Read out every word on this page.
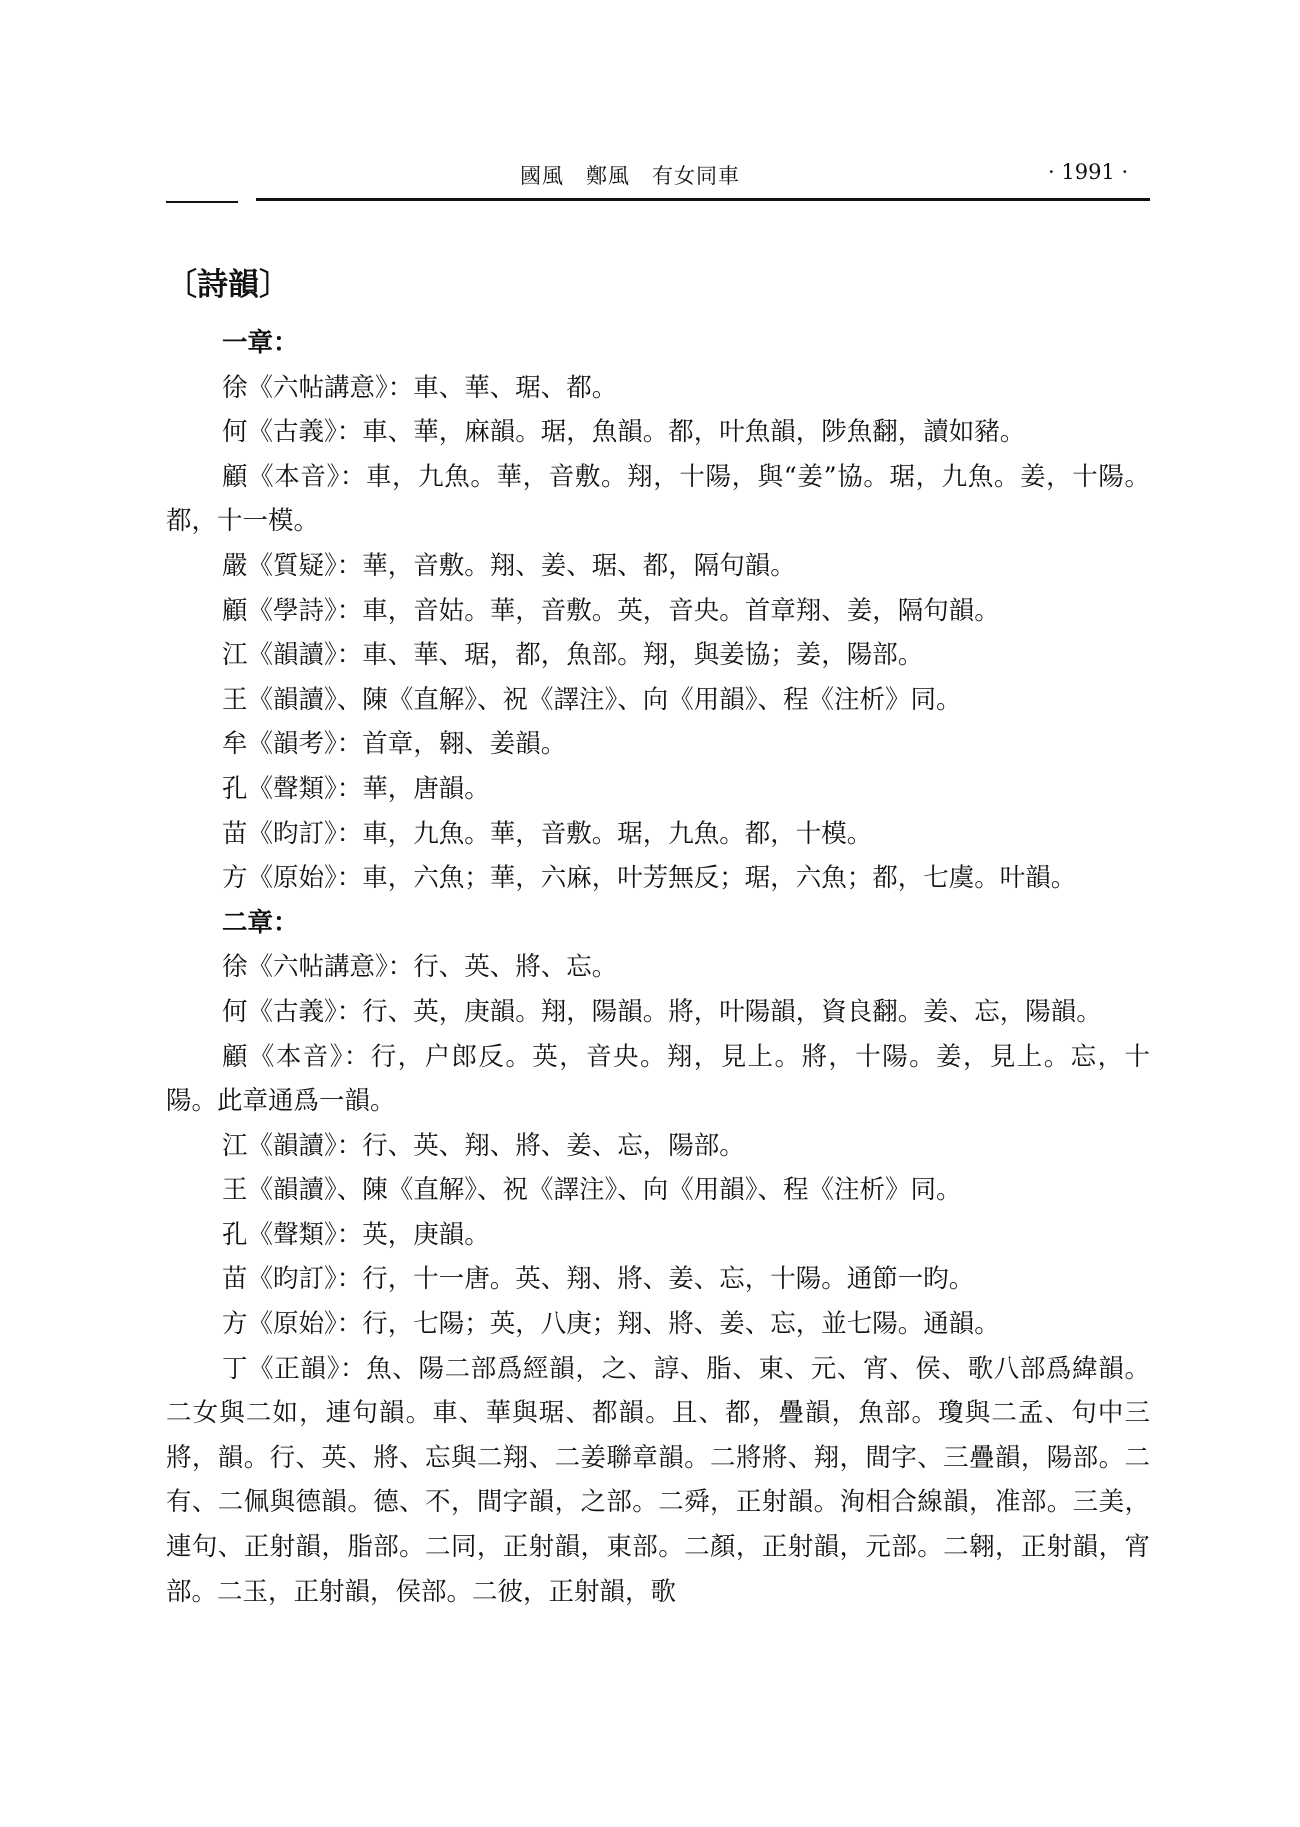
國風 鄭風 有女同車	· 1991 ·
〔詩韻〕
一章：
徐《六帖講意》：車、華、琚、都。
何《古義》：車、華，麻韻。琚，魚韻。都，叶魚韻，陟魚翻，讀如豬。
顧《本音》：車，九魚。華，音敷。翔，十陽，與“姜”協。琚，九魚。姜，十陽。都，十一模。
嚴《質疑》：華，音敷。翔、姜、琚、都，隔句韻。
顧《學詩》：車，音姑。華，音敷。英，音央。首章翔、姜，隔句韻。
江《韻讀》：車、華、琚，都，魚部。翔，與姜協；姜，陽部。
王《韻讀》、陳《直解》、祝《譯注》、向《用韻》、程《注析》同。
牟《韻考》：首章，翱、姜韻。
孔《聲類》：華，唐韻。
苗《昀訂》：車，九魚。華，音敷。琚，九魚。都，十模。
方《原始》：車，六魚；華，六麻，叶芳無反；琚，六魚；都，七虞。叶韻。
二章：
徐《六帖講意》：行、英、將、忘。
何《古義》：行、英，庚韻。翔，陽韻。將，叶陽韻，資良翻。姜、忘，陽韻。
顧《本音》：行，户郎反。英，音央。翔，見上。將，十陽。姜，見上。忘，十陽。此章通爲一韻。
江《韻讀》：行、英、翔、將、姜、忘，陽部。
王《韻讀》、陳《直解》、祝《譯注》、向《用韻》、程《注析》同。
孔《聲類》：英，庚韻。
苗《昀訂》：行，十一唐。英、翔、將、姜、忘，十陽。通節一昀。
方《原始》：行，七陽；英，八庚；翔、將、姜、忘，並七陽。通韻。
丁《正韻》：魚、陽二部爲經韻，之、諄、脂、東、元、宵、侯、歌八部爲緯韻。二女與二如，連句韻。車、華與琚、都韻。且、都，疊韻，魚部。瓊與二孟、句中三將，韻。行、英、將、忘與二翔、二姜聯章韻。二將將、翔，間字、三疊韻，陽部。二有、二佩與德韻。德、不，間字韻，之部。二舜，正射韻。洵相合線韻，准部。三美，連句、正射韻，脂部。二同，正射韻，東部。二顏，正射韻，元部。二翱，正射韻，宵部。二玉，正射韻，侯部。二彼，正射韻，歌
